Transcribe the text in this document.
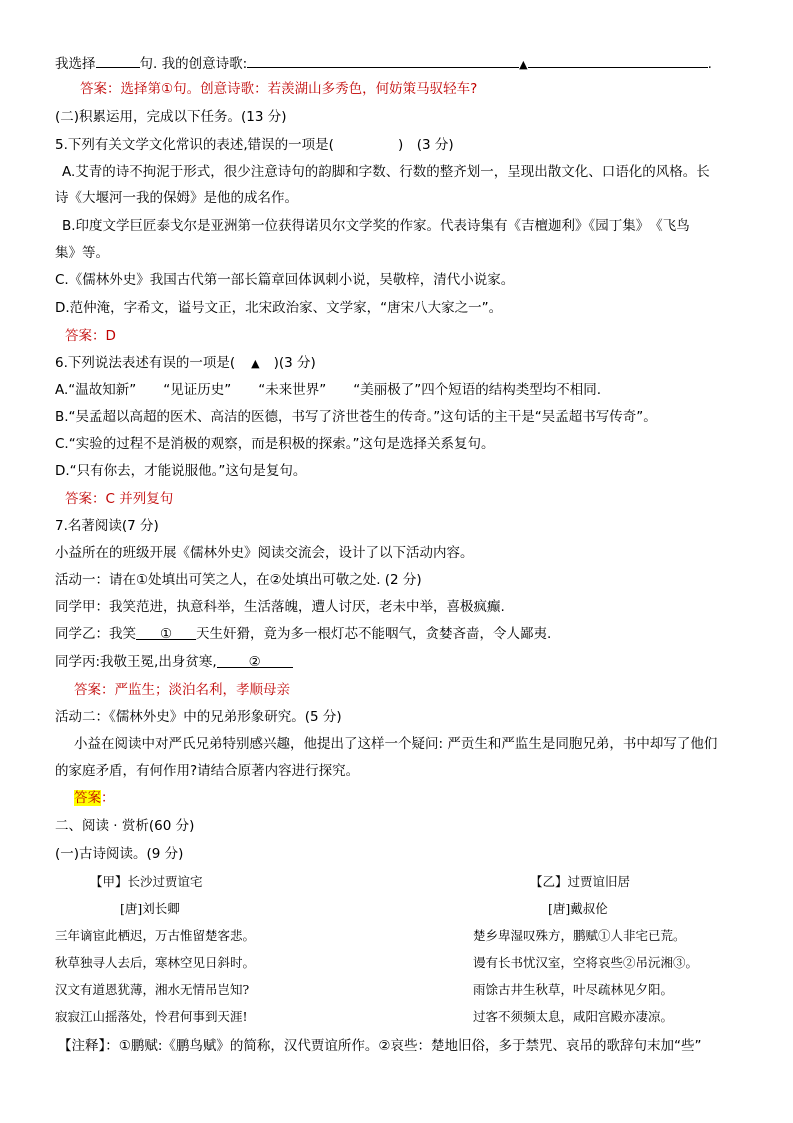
我选择	句. 我的创意诗歌:	▲	.
答案：选择第①句。创意诗歌：若羡湖山多秀色，何妨策马驭轻车?
(二)积累运用，完成以下任务。(13 分)
5.下列有关文学文化常识的表述,错误的一项是(	)　(3 分)
A.艾青的诗不拘泥于形式，很少注意诗句的韵脚和字数、行数的整齐划一，呈现出散文化、口语化的风格。长
诗《大堰河一我的保姆》是他的成名作。
B.印度文学巨匠泰戈尔是亚洲第一位获得诺贝尔文学奖的作家。代表诗集有《吉檀迦利》《园丁集》　《飞鸟
集》等。
C.《儒林外史》我国古代第一部长篇章回体讽刺小说，吴敬梓，清代小说家。
D.范仲淹，字希文，谥号文正，北宋政治家、文学家，“唐宋八大家之一”。
答案：D
6.下列说法表述有误的一项是( ▲ )(3 分)
A.“温故知新”　　“见证历史”　　“未来世界”　　“美丽极了”四个短语的结构类型均不相同.
B.“吴孟超以高超的医术、高洁的医德，书写了济世苍生的传奇。”这句话的主干是“吴孟超书写传奇”。
C.“实验的过程不是消极的观察，而是积极的探索。”这句是选择关系复句。
D.“只有你去，才能说服他。”这句是复句。
答案：C 并列复句
7.名著阅读(7 分)
小益所在的班级开展《儒林外史》阅读交流会，设计了以下活动内容。
活动一：请在①处填出可笑之人，在②处填出可敬之处. (2 分)
同学甲：我笑范进，执意科举，生活落魄，遭人讨厌，老未中举，喜极疯癫.
同学乙：我笑 ① 天生奸猾，竟为多一根灯芯不能咽气，贪婪吝啬，令人鄙夷.
同学丙:我敬王冕,出身贫寒, ②
答案：严监生；淡泊名利，孝顺母亲
活动二：《儒林外史》中的兄弟形象研究。(5 分)
小益在阅读中对严氏兄弟特别感兴趣，他提出了这样一个疑问: 严贡生和严监生是同胞兄弟，书中却写了他们
的家庭矛盾，有何作用?请结合原著内容进行探究。
答案：
二、阅读 · 赏析(60 分)
(一)古诗阅读。(9 分)
【甲】长沙过贾谊宅
[唐]刘长卿
三年谪宦此栖迟，万古惟留楚客悲。
秋草独寻人去后，寒林空见日斜时。
汉文有道恩犹薄，湘水无情吊岂知?
寂寂江山摇落处，怜君何事到天涯!
【乙】过贾谊旧居
[唐]戴叔伦
楚乡卑湿叹殊方，鹏赋①人非宅已荒。
谩有长书忧汉室，空将哀些②吊沅湘③。
雨馀古井生秋草，叶尽疏林见夕阳。
过客不须频太息，咸阳宫殿亦凄凉。
【注释】：①鹏赋:《鹏鸟赋》的简称，汉代贾谊所作。②哀些：楚地旧俗，多于禁咒、哀吊的歌辞句末加“些”
